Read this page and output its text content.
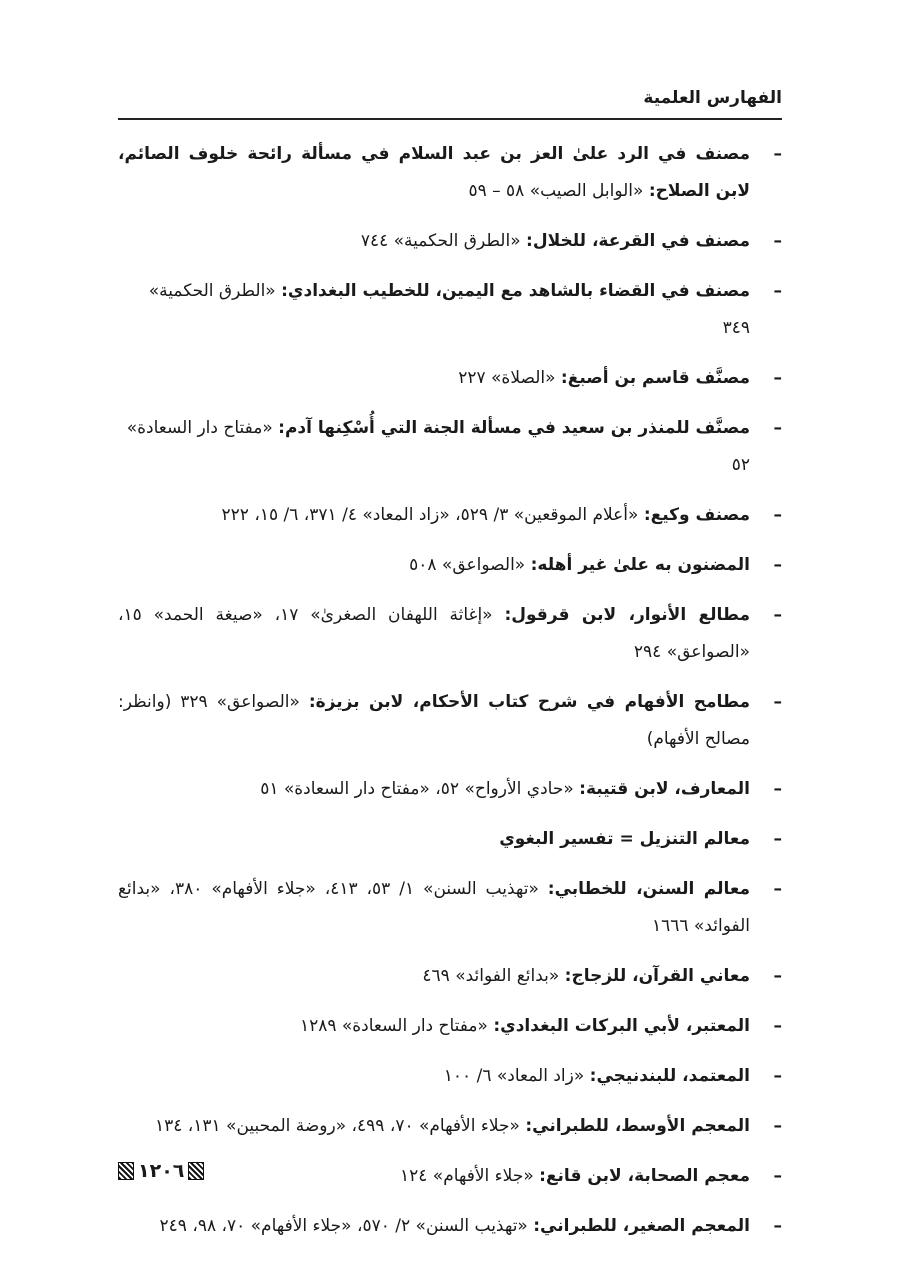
الفهارس العلمية
–
مصنف في الرد علىٰ العز بن عبد السلام في مسألة رائحة خلوف الصائم، لابن الصلاح: «الوابل الصيب» ٥٨ – ٥٩
–
مصنف في القرعة، للخلال: «الطرق الحكمية» ٧٤٤
–
مصنف في القضاء بالشاهد مع اليمين، للخطيب البغدادي: «الطرق الحكمية» ٣٤٩
–
مصنَّف قاسم بن أصبغ: «الصلاة» ٢٢٧
–
مصنَّف للمنذر بن سعيد في مسألة الجنة التي أُسْكِنها آدم: «مفتاح دار السعادة» ٥٢
–
مصنف وكيع: «أعلام الموقعين» ٣/ ٥٢٩، «زاد المعاد» ٤/ ٣٧١، ٦/ ١٥، ٢٢٢
–
المضنون به علىٰ غير أهله: «الصواعق» ٥٠٨
–
مطالع الأنوار، لابن قرقول: «إغاثة اللهفان الصغرىٰ» ١٧، «صيغة الحمد» ١٥، «الصواعق» ٢٩٤
–
مطامح الأفهام في شرح كتاب الأحكام، لابن بزيزة: «الصواعق» ٣٢٩ (وانظر: مصالح الأفهام)
–
المعارف، لابن قتيبة: «حادي الأرواح» ٥٢، «مفتاح دار السعادة» ٥١
–
معالم التنزيل = تفسير البغوي
–
معالم السنن، للخطابي: «تهذيب السنن» ١/ ٥٣، ٤١٣، «جلاء الأفهام» ٣٨٠، «بدائع الفوائد» ١٦٦٦
–
معاني القرآن، للزجاج: «بدائع الفوائد» ٤٦٩
–
المعتبر، لأبي البركات البغدادي: «مفتاح دار السعادة» ١٢٨٩
–
المعتمد، للبندنيجي: «زاد المعاد» ٦/ ١٠٠
–
المعجم الأوسط، للطبراني: «جلاء الأفهام» ٧٠، ٤٩٩، «روضة المحبين» ١٣١، ١٣٤
–
معجم الصحابة، لابن قانع: «جلاء الأفهام» ١٢٤
–
المعجم الصغير، للطبراني: «تهذيب السنن» ٢/ ٥٧٠، «جلاء الأفهام» ٧٠، ٩٨، ٢٤٩
١٢٠٦
